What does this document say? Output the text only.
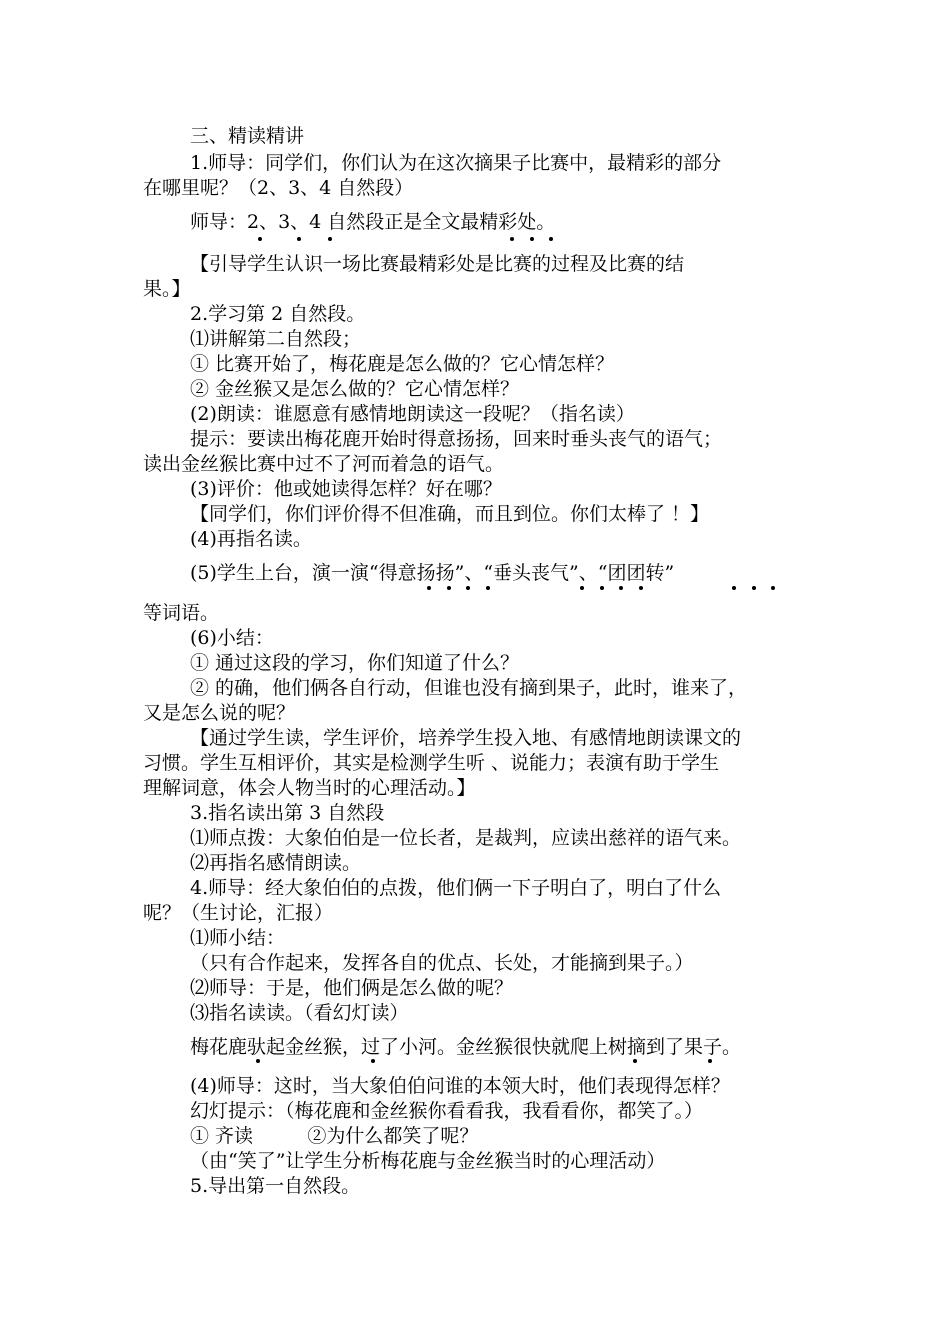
三、精读精讲
1.师导：同学们，你们认为在这次摘果子比赛中，最精彩的部分
在哪里呢？（2、3、4 自然段）
师导：2、3、4 自然段正是全文最精彩处。
【引导学生认识一场比赛最精彩处是比赛的过程及比赛的结
果。】
2.学习第 2 自然段。
⑴讲解第二自然段；
① 比赛开始了，梅花鹿是怎么做的？它心情怎样？
② 金丝猴又是怎么做的？它心情怎样？
(2)朗读：谁愿意有感情地朗读这一段呢？（指名读）
提示：要读出梅花鹿开始时得意扬扬，回来时垂头丧气的语气；
读出金丝猴比赛中过不了河而着急的语气。
(3)评价：他或她读得怎样？好在哪？
【同学们，你们评价得不但准确，而且到位。你们太棒了 ！】
(4)再指名读。
(5)学生上台，演一演“得意扬扬”、“垂头丧气”、“团团转”
等词语。
(6)小结：
① 通过这段的学习，你们知道了什么？
② 的确，他们俩各自行动，但谁也没有摘到果子，此时，谁来了，
又是怎么说的呢？
【通过学生读，学生评价，培养学生投入地、有感情地朗读课文的
习惯。学生互相评价，其实是检测学生听 、说能力；表演有助于学生
理解词意，体会人物当时的心理活动。】
3.指名读出第 3 自然段
⑴师点拨：大象伯伯是一位长者，是裁判，应读出慈祥的语气来。
⑵再指名感情朗读。
4.师导：经大象伯伯的点拨，他们俩一下子明白了，明白了什么
呢？（生讨论，汇报）
⑴师小结：
（只有合作起来，发挥各自的优点、长处，才能摘到果子。）
⑵师导：于是，他们俩是怎么做的呢？
⑶指名读读。（看幻灯读）
梅花鹿驮起金丝猴，过了小河。金丝猴很快就爬上树摘到了果子。
(4)师导：这时，当大象伯伯问谁的本领大时，他们表现得怎样？
幻灯提示：（梅花鹿和金丝猴你看看我，我看看你，都笑了。）
① 齐读         ②为什么都笑了呢？
（由“笑了”让学生分析梅花鹿与金丝猴当时的心理活动）
5.导出第一自然段。
